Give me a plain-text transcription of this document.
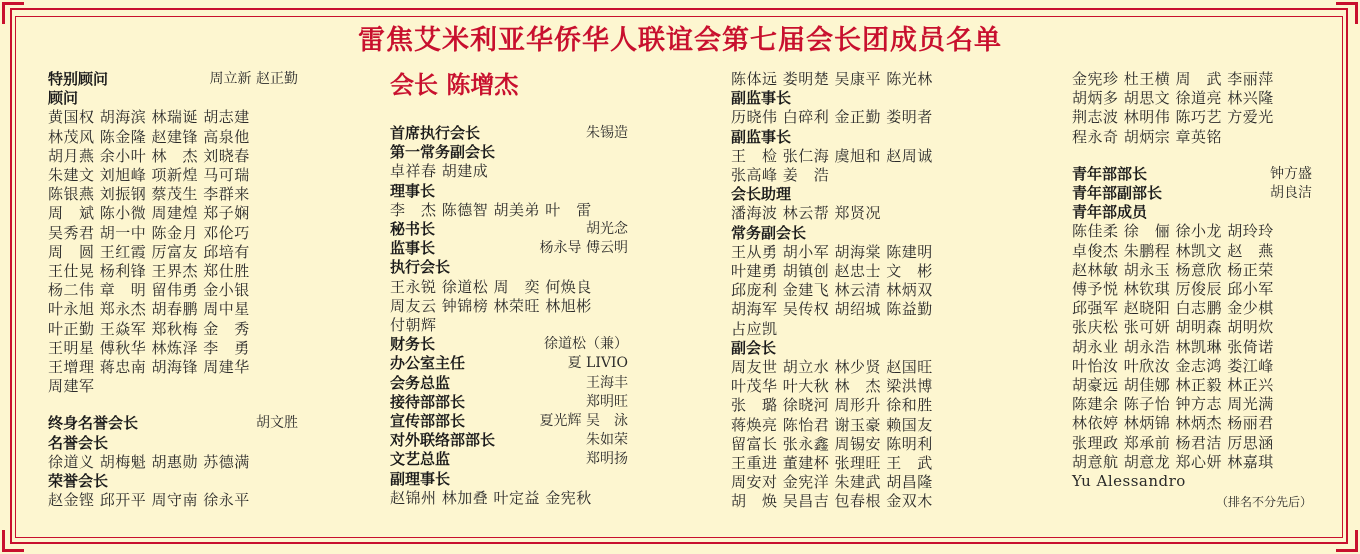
雷焦艾米利亚华侨华人联谊会第七届会长团成员名单
特别顾问	周立新 赵正勤
顾问
黄国权 胡海滨 林瑞诞 胡志建
林茂风 陈金隆 赵建锋 高泉他
胡月燕 余小叶 林　杰 刘晓春
朱建文 刘旭峰 项新煌 马可瑞
陈银燕 刘振钢 蔡茂生 李群来
周　斌 陈小微 周建煌 郑子娴
吴秀君 胡一中 陈金月 邓伦巧
周　圆 王红霞 厉富友 邱培有
王仕晃 杨利锋 王界杰 郑仕胜
杨二伟 章　明 留伟勇 金小银
叶永旭 郑永杰 胡春鹏 周中星
叶正勤 王焱军 郑秋梅 金　秀
王明星 傅秋华 林炼泽 李　勇
王增理 蒋忠南 胡海锋 周建华
周建军
终身名誉会长	胡文胜
名誉会长
徐道义 胡梅魁 胡惠勋 苏德满
荣誉会长
赵金铿 邱开平 周守南 徐永平
会长 陈增杰
首席执行会长	朱锡造
第一常务副会长
卓祥春 胡建成
理事长
李　杰 陈德智 胡美弟 叶　雷
秘书长	胡光念
监事长	杨永导 傅云明
执行会长
王永锐 徐道松 周　奕 何焕良
周友云 钟锦榜 林荣旺 林旭彬
付朝辉
财务长	徐道松（兼）
办公室主任	夏 LIVIO
会务总监	王海丰
接待部部长	郑明旺
宣传部部长	夏光辉 吴　泳
对外联络部部长	朱如荣
文艺总监	郑明扬
副理事长
赵锦州 林加叠 叶定益 金宪秋
陈体远 娄明楚 吴康平 陈光林
副监事长
历晓伟 白碎利 金正勤 娄明者
副监事长
王　检 张仁海 虞旭和 赵周诚
张高峰 姜　浩
会长助理
潘海波 林云帮 郑贤况
常务副会长
王从勇 胡小军 胡海棠 陈建明
叶建勇 胡镇创 赵忠士 文　彬
邱庞利 金建飞 林云清 林炳双
胡海军 吴传权 胡绍城 陈益勤
占应凯
副会长
周友世 胡立水 林少贤 赵国旺
叶茂华 叶大秋 林　杰 梁洪博
张　璐 徐晓河 周形升 徐和胜
蒋焕亮 陈怡君 谢玉豪 赖国友
留富长 张永鑫 周锡安 陈明利
王重进 董建杯 张理旺 王　武
周安对 金宪洋 朱建武 胡昌隆
胡　焕 吴昌吉 包春根 金双木
金宪珍 杜王横 周　武 李丽萍
胡炳多 胡思文 徐道亮 林兴隆
荆志波 林明伟 陈巧艺 方爱光
程永奇 胡炳宗 章英铭
青年部部长	钟方盛
青年部副部长	胡良洁
青年部成员
陈佳柔 徐　俪 徐小龙 胡玲玲
卓俊杰 朱鹏程 林凯文 赵　燕
赵林敏 胡永玉 杨意欣 杨正荣
傅予悦 林钦琪 厉俊辰 邱小军
邱强军 赵晓阳 白志鹏 金少棋
张庆松 张可妍 胡明森 胡明炊
胡永业 胡永浩 林凯琳 张倚诺
叶怡汝 叶欣汝 金志鸿 娄江峰
胡豪远 胡佳娜 林正毅 林正兴
陈建余 陈子怡 钟方志 周光满
林依婷 林炳锦 林炳杰 杨丽君
张理政 郑承前 杨君洁 厉思涵
胡意航 胡意龙 郑心妍 林嘉琪
Yu Alessandro
（排名不分先后）
